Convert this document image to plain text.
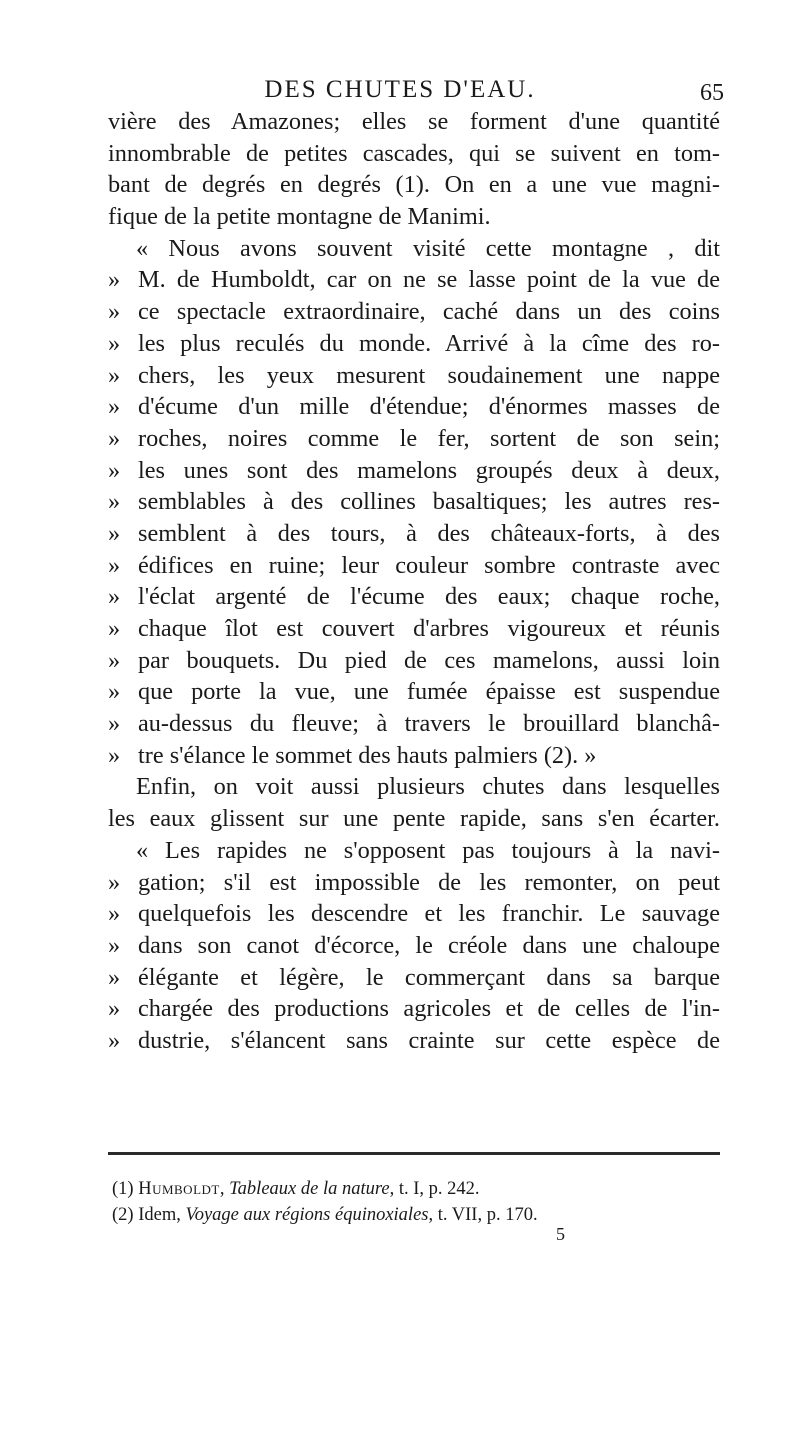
DES CHUTES D'EAU.	65
vière des Amazones; elles se forment d'une quantité
innombrable de petites cascades, qui se suivent en tom-
bant de degrés en degrés (1). On en a une vue magni-
fique de la petite montagne de Manimi.
« Nous avons souvent visité cette montagne , dit
» M. de Humboldt, car on ne se lasse point de la vue de
» ce spectacle extraordinaire, caché dans un des coins
» les plus reculés du monde. Arrivé à la cîme des ro-
» chers, les yeux mesurent soudainement une nappe
» d'écume d'un mille d'étendue; d'énormes masses de
» roches, noires comme le fer, sortent de son sein;
» les unes sont des mamelons groupés deux à deux,
» semblables à des collines basaltiques; les autres res-
» semblent à des tours, à des châteaux-forts, à des
» édifices en ruine; leur couleur sombre contraste avec
» l'éclat argenté de l'écume des eaux; chaque roche,
» chaque îlot est couvert d'arbres vigoureux et réunis
» par bouquets. Du pied de ces mamelons, aussi loin
» que porte la vue, une fumée épaisse est suspendue
» au-dessus du fleuve; à travers le brouillard blanchâ-
» tre s'élance le sommet des hauts palmiers (2). »
Enfin, on voit aussi plusieurs chutes dans lesquelles
les eaux glissent sur une pente rapide, sans s'en écarter.
« Les rapides ne s'opposent pas toujours à la navi-
» gation; s'il est impossible de les remonter, on peut
» quelquefois les descendre et les franchir. Le sauvage
» dans son canot d'écorce, le créole dans une chaloupe
» élégante et légère, le commerçant dans sa barque
» chargée des productions agricoles et de celles de l'in-
» dustrie, s'élancent sans crainte sur cette espèce de
(1) Humboldt, Tableaux de la nature, t. I, p. 242.
(2) Idem, Voyage aux régions équinoxiales, t. VII, p. 170.
5
